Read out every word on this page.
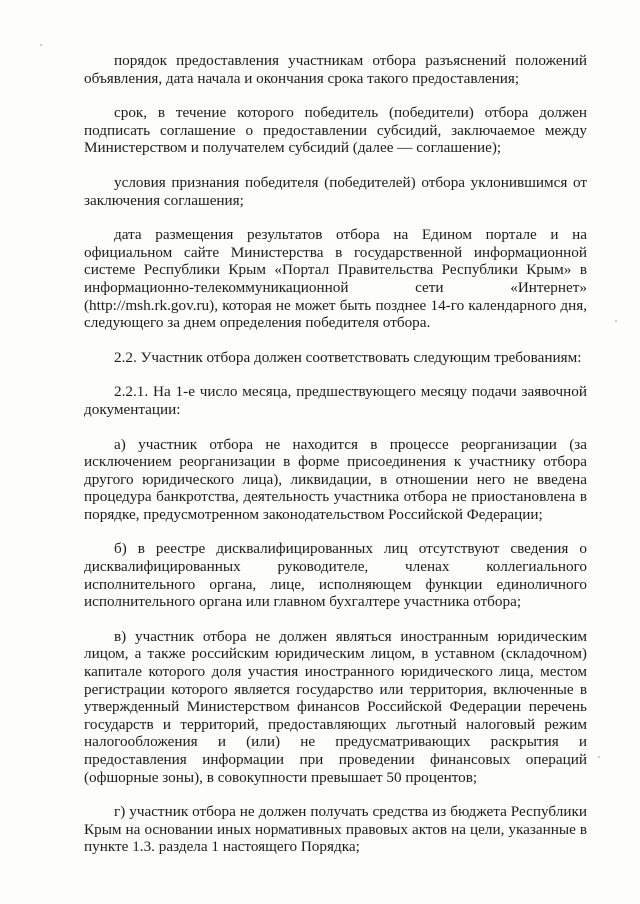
порядок предоставления участникам отбора разъяснений положений объявления, дата начала и окончания срока такого предоставления;

срок, в течение которого победитель (победители) отбора должен подписать соглашение о предоставлении субсидий, заключаемое между Министерством и получателем субсидий (далее — соглашение);

условия признания победителя (победителей) отбора уклонившимся от заключения соглашения;

дата размещения результатов отбора на Едином портале и на официальном сайте Министерства в государственной информационной системе Республики Крым «Портал Правительства Республики Крым» в информационно-телекоммуникационной сети «Интернет» (http://msh.rk.gov.ru), которая не может быть позднее 14-го календарного дня, следующего за днем определения победителя отбора.

2.2. Участник отбора должен соответствовать следующим требованиям:

2.2.1. На 1-е число месяца, предшествующего месяцу подачи заявочной документации:

а) участник отбора не находится в процессе реорганизации (за исключением реорганизации в форме присоединения к участнику отбора другого юридического лица), ликвидации, в отношении него не введена процедура банкротства, деятельность участника отбора не приостановлена в порядке, предусмотренном законодательством Российской Федерации;

б) в реестре дисквалифицированных лиц отсутствуют сведения о дисквалифицированных руководителе, членах коллегиального исполнительного органа, лице, исполняющем функции единоличного исполнительного органа или главном бухгалтере участника отбора;

в) участник отбора не должен являться иностранным юридическим лицом, а также российским юридическим лицом, в уставном (складочном) капитале которого доля участия иностранного юридического лица, местом регистрации которого является государство или территория, включенные в утвержденный Министерством финансов Российской Федерации перечень государств и территорий, предоставляющих льготный налоговый режим налогообложения и (или) не предусматривающих раскрытия и предоставления информации при проведении финансовых операций (офшорные зоны), в совокупности превышает 50 процентов;

г) участник отбора не должен получать средства из бюджета Республики Крым на основании иных нормативных правовых актов на цели, указанные в пункте 1.3. раздела 1 настоящего Порядка;
